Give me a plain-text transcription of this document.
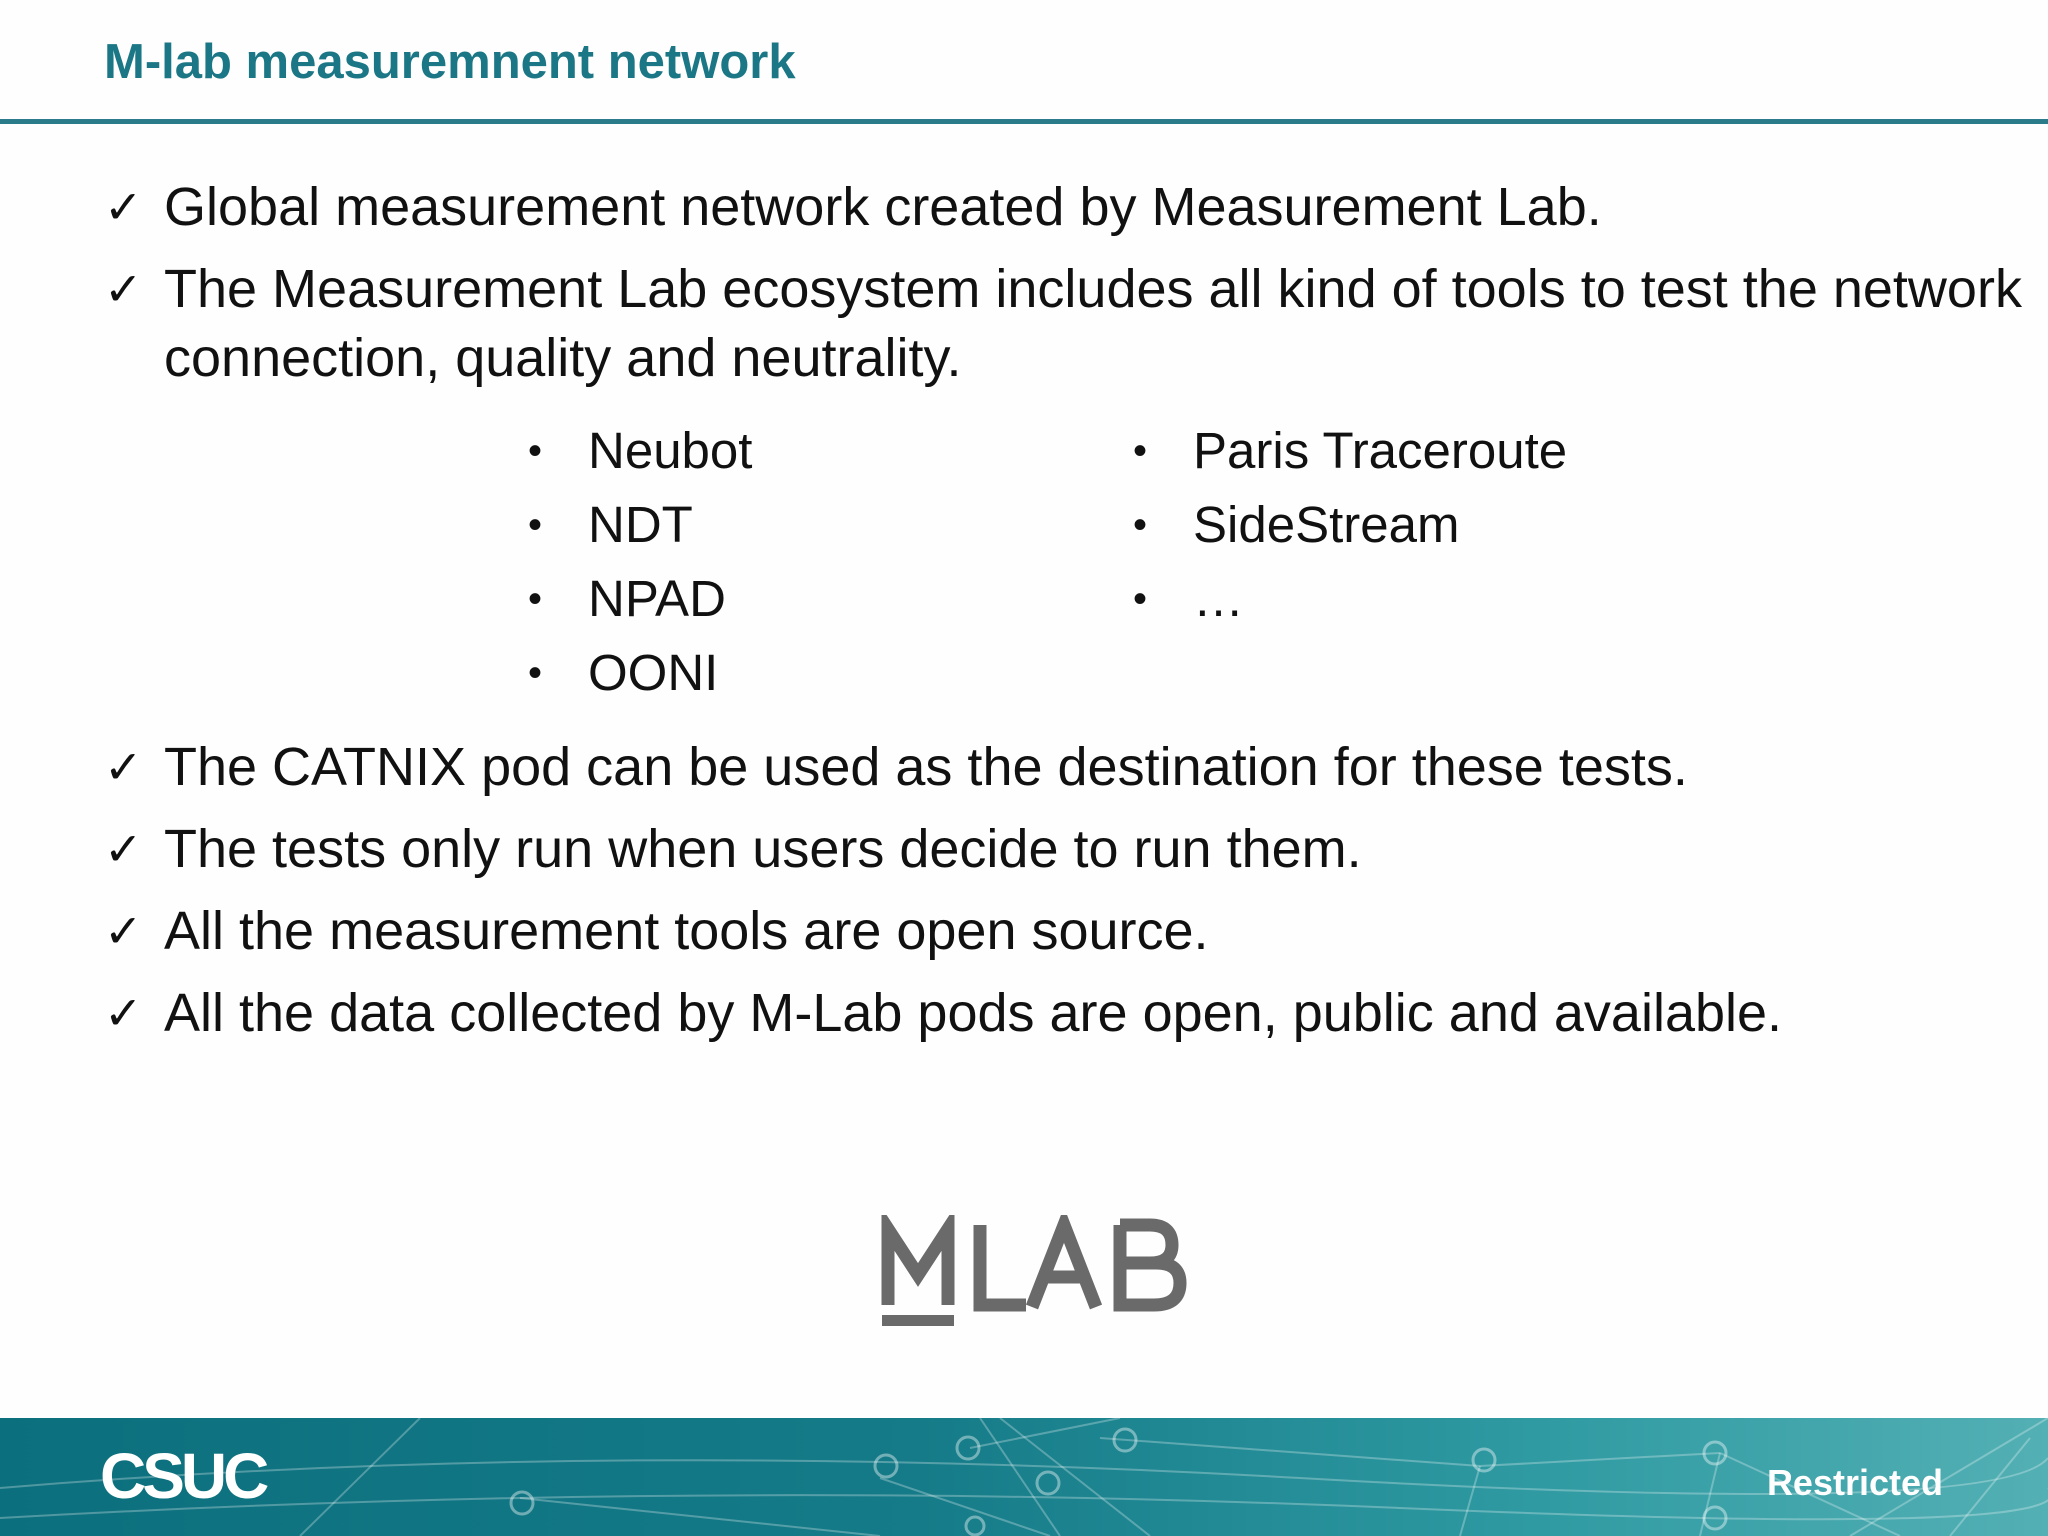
M-lab measuremnent network
✓ Global measurement network created by Measurement Lab.
✓ The Measurement Lab ecosystem includes all kind of tools to test the network connection, quality and neutrality.
• Neubot
• NDT
• NPAD
• OONI
• Paris Traceroute
• SideStream
• …
✓ The CATNIX pod can be used as the destination for these tests.
✓ The tests only run when users decide to run them.
✓ All the measurement tools are open source.
✓ All the data collected by M-Lab pods are open, public and available.
CSUC	Restricted
